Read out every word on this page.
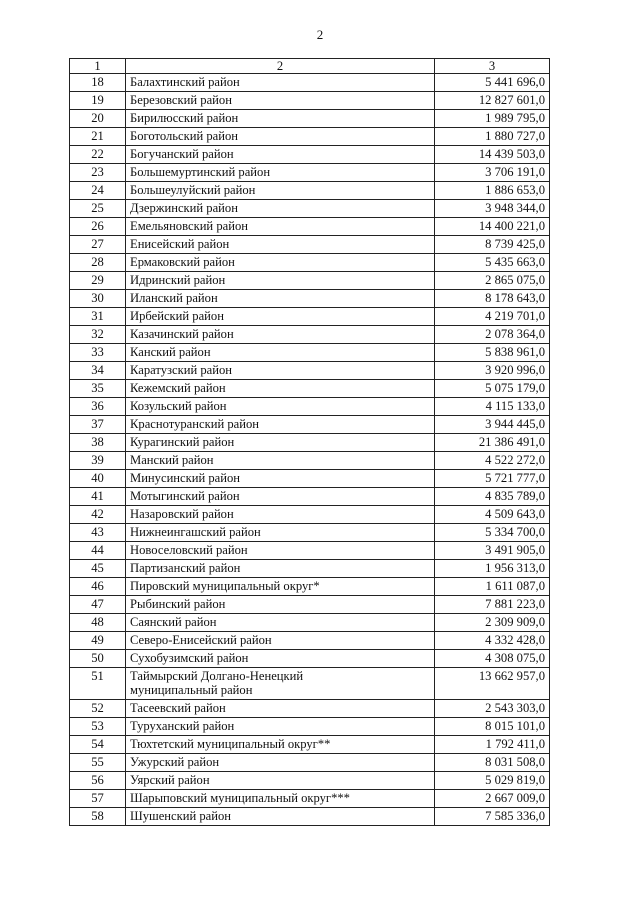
2
1	2	3
18	Балахтинский район	5 441 696,0
19	Березовский район	12 827 601,0
20	Бирилюсский район	1 989 795,0
21	Боготольский район	1 880 727,0
22	Богучанский район	14 439 503,0
23	Большемуртинский район	3 706 191,0
24	Большеулуйский район	1 886 653,0
25	Дзержинский район	3 948 344,0
26	Емельяновский район	14 400 221,0
27	Енисейский район	8 739 425,0
28	Ермаковский район	5 435 663,0
29	Идринский район	2 865 075,0
30	Иланский район	8 178 643,0
31	Ирбейский район	4 219 701,0
32	Казачинский район	2 078 364,0
33	Канский район	5 838 961,0
34	Каратузский район	3 920 996,0
35	Кежемский район	5 075 179,0
36	Козульский район	4 115 133,0
37	Краснотуранский район	3 944 445,0
38	Курагинский район	21 386 491,0
39	Манский район	4 522 272,0
40	Минусинский район	5 721 777,0
41	Мотыгинский район	4 835 789,0
42	Назаровский район	4 509 643,0
43	Нижнеингашский район	5 334 700,0
44	Новоселовский район	3 491 905,0
45	Партизанский район	1 956 313,0
46	Пировский муниципальный округ*	1 611 087,0
47	Рыбинский район	7 881 223,0
48	Саянский район	2 309 909,0
49	Северо-Енисейский район	4 332 428,0
50	Сухобузимский район	4 308 075,0
51	Таймырский Долгано-Ненецкий
муниципальный район	13 662 957,0
52	Тасеевский район	2 543 303,0
53	Туруханский район	8 015 101,0
54	Тюхтетский муниципальный округ**	1 792 411,0
55	Ужурский район	8 031 508,0
56	Уярский район	5 029 819,0
57	Шарыповский муниципальный округ***	2 667 009,0
58	Шушенский район	7 585 336,0
